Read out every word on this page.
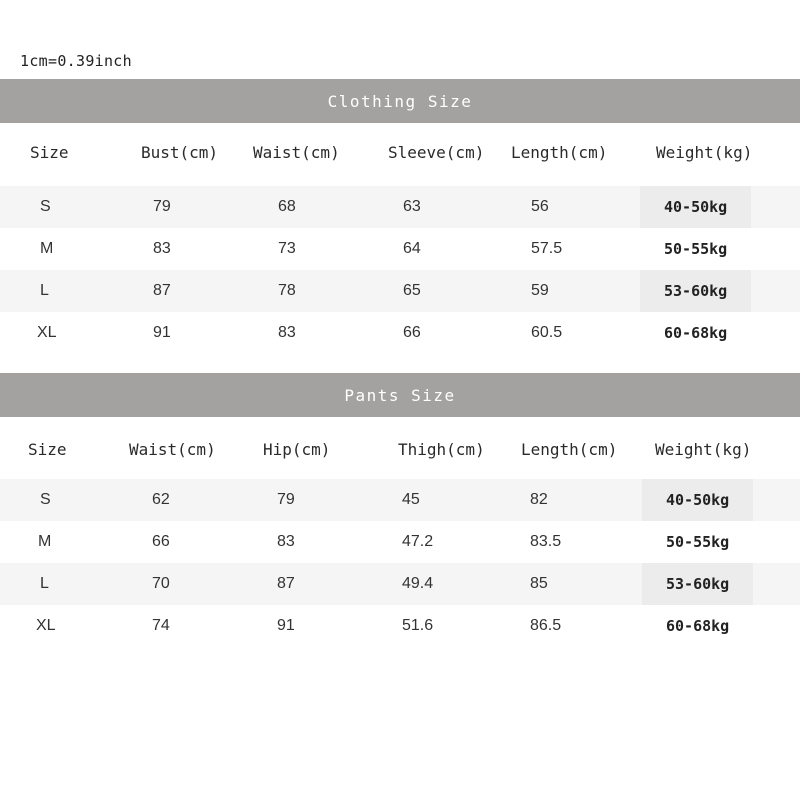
1cm=0.39inch
Clothing Size
Size	Bust(cm) Waist(cm)	Sleeve(cm) Length(cm)	Weight(kg)
S	79	68	63	56	40-50kg
M	83	73	64	57.5	50-55kg
L	87	78	65	59	53-60kg
XL	91	83	66	60.5	60-68kg
Pants Size
Size	Waist(cm)	Hip(cm)	Thigh(cm) Length(cm) Weight(kg)
S	62	79	45	82	40-50kg
M	66	83	47.2	83.5	50-55kg
L	70	87	49.4	85	53-60kg
XL	74	91	51.6	86.5	60-68kg
